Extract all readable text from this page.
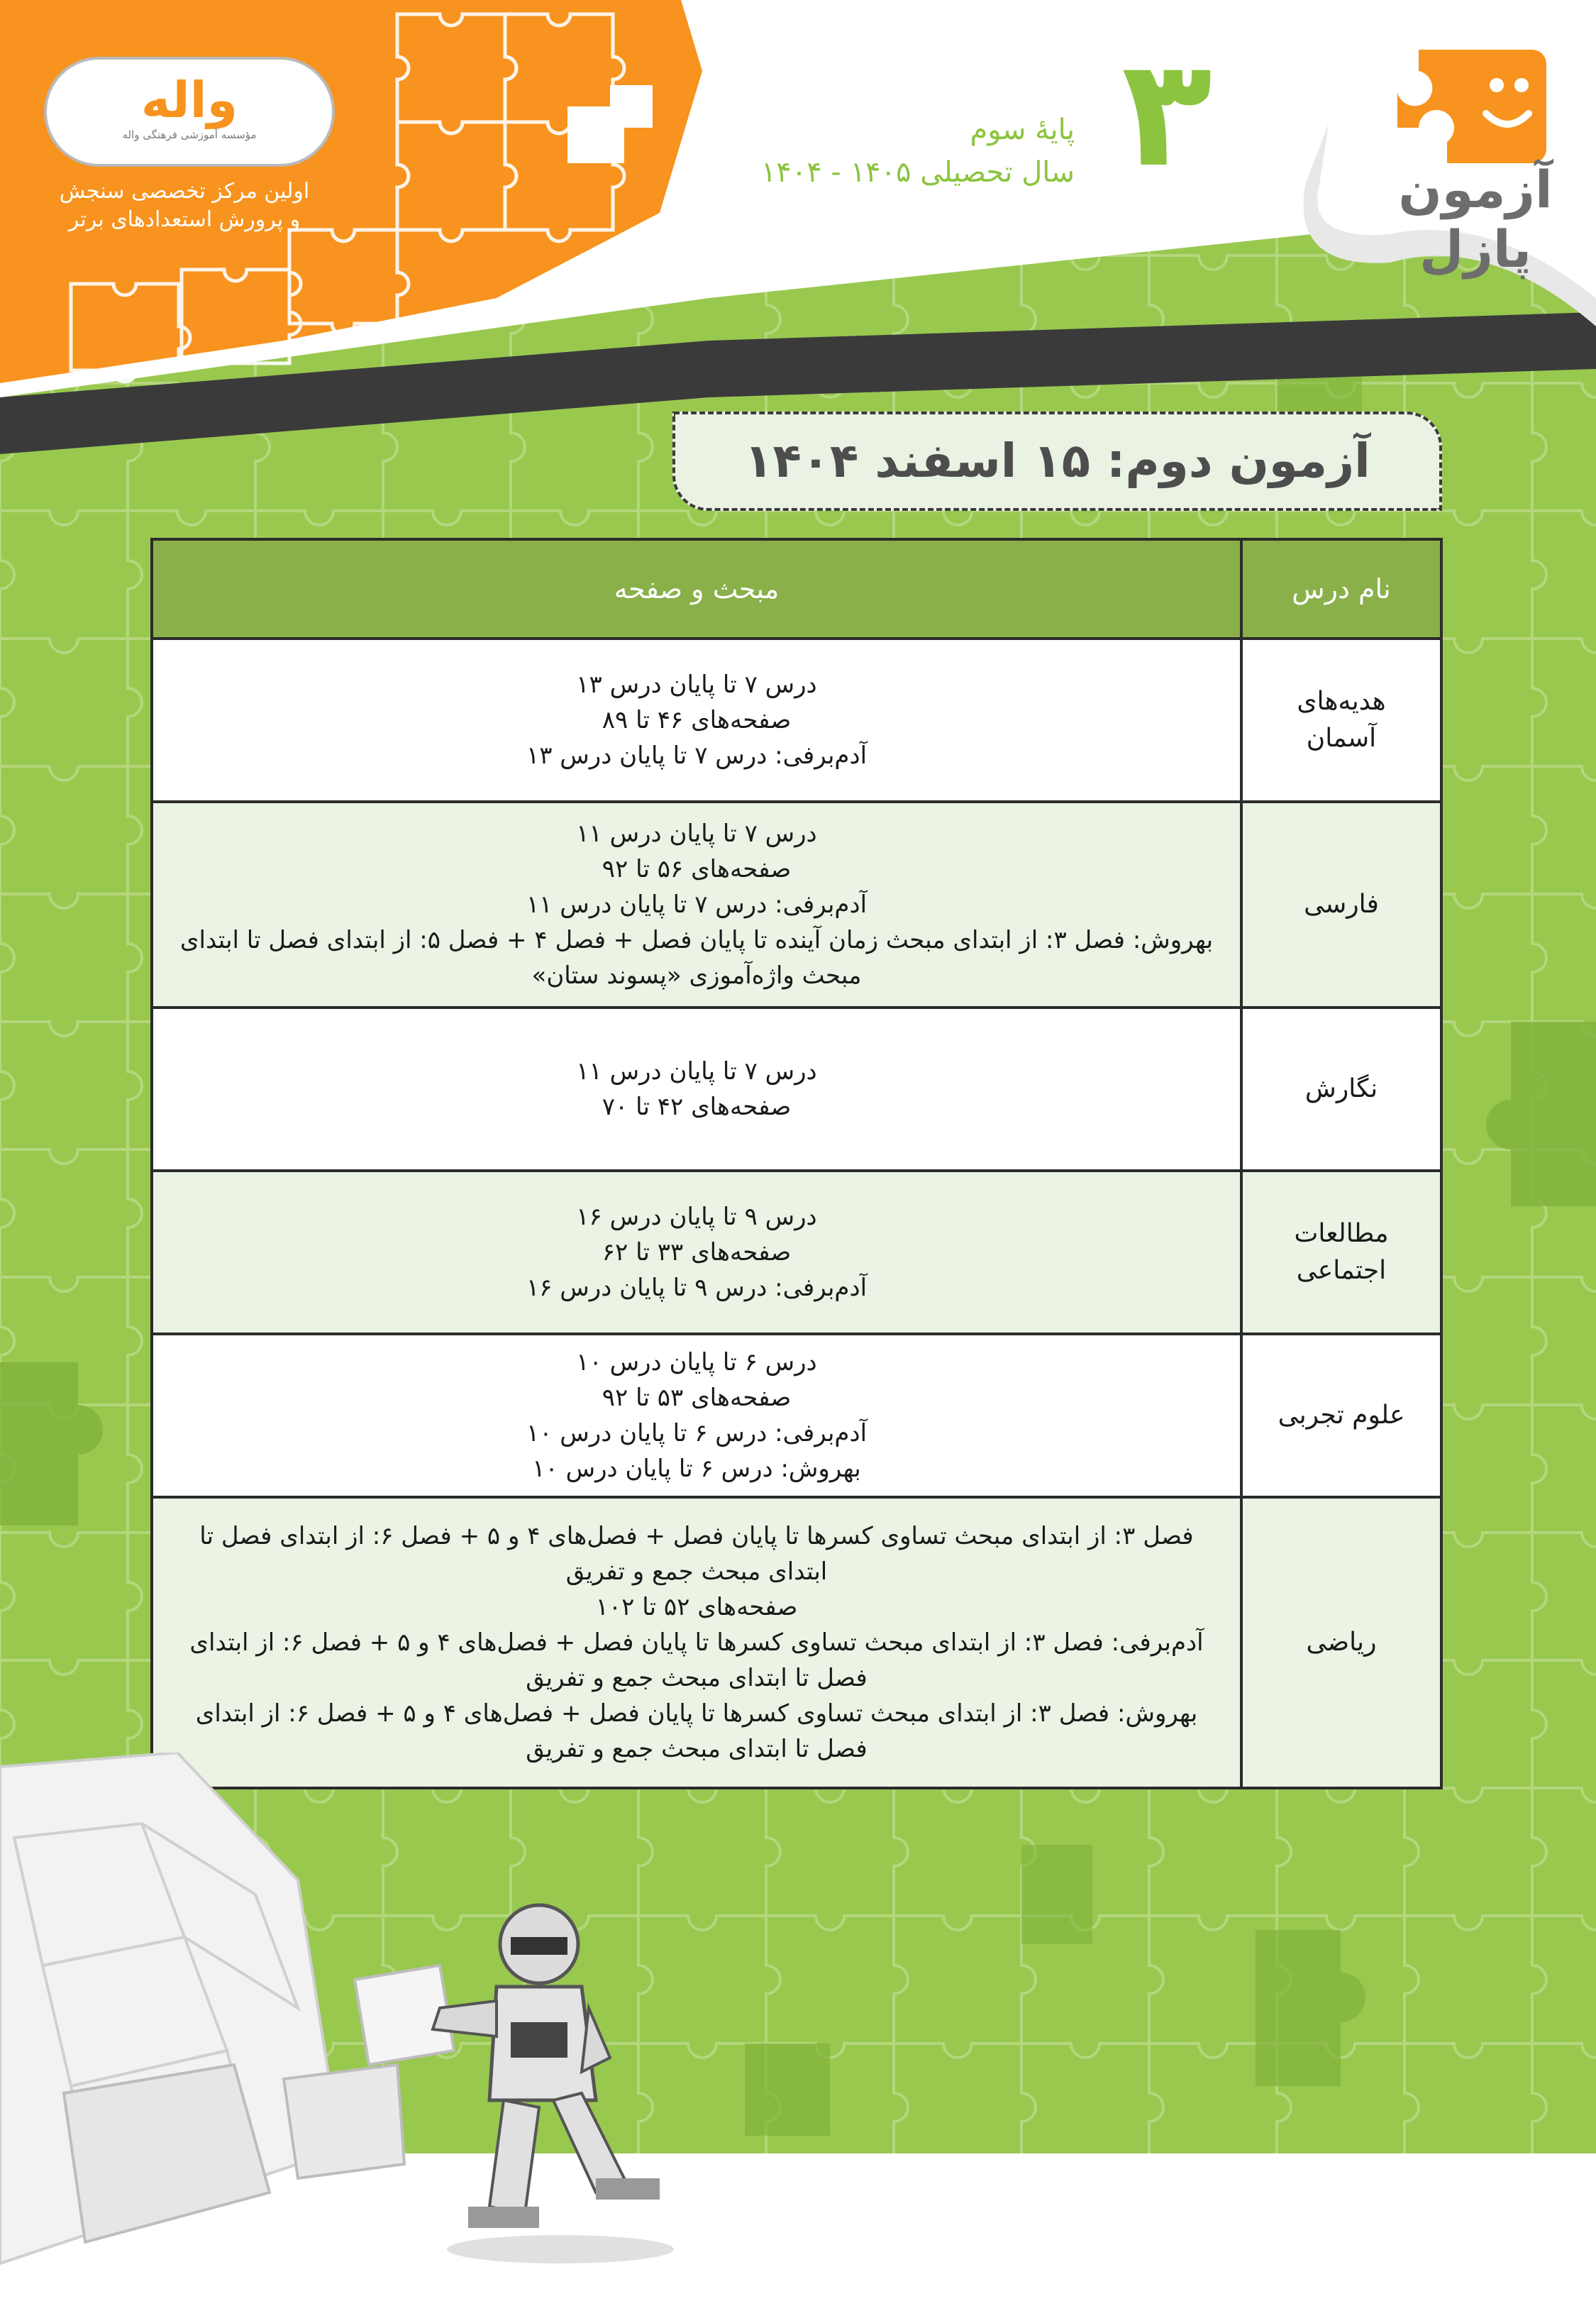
واله
مؤسسه آموزشی فرهنگی واله
اولین مرکز تخصصی سنجش
و پرورش استعدادهای برتر
۳
پایهٔ سوم
سال تحصیلی ۱۴۰۵ - ۱۴۰۴	آزمون پازل
آزمون دوم: ۱۵ اسفند ۱۴۰۴
نام درس	مبحث و صفحه

هدیه‌های
آسمان	درس ۷ تا پایان درس ۱۳
صفحه‌های ۴۶ تا ۸۹
آدم‌برفی: درس ۷ تا پایان درس ۱۳

فارسی	درس ۷ تا پایان درس ۱۱
صفحه‌های ۵۶ تا ۹۲
آدم‌برفی: درس ۷ تا پایان درس ۱۱
بهروش: فصل ۳: از ابتدای مبحث زمان آینده تا پایان فصل + فصل ۴ + فصل ۵: از ابتدای فصل تا ابتدای مبحث واژه‌آموزی «پسوند ستان»

نگارش	درس ۷ تا پایان درس ۱۱
صفحه‌های ۴۲ تا ۷۰

مطالعات
اجتماعی	درس ۹ تا پایان درس ۱۶
صفحه‌های ۳۳ تا ۶۲
آدم‌برفی: درس ۹ تا پایان درس ۱۶

علوم تجربی	درس ۶ تا پایان درس ۱۰
صفحه‌های ۵۳ تا ۹۲
آدم‌برفی: درس ۶ تا پایان درس ۱۰
بهروش: درس ۶ تا پایان درس ۱۰

ریاضی	فصل ۳: از ابتدای مبحث تساوی کسرها تا پایان فصل + فصل‌های ۴ و ۵ + فصل ۶: از ابتدای فصل تا ابتدای مبحث جمع و تفریق
صفحه‌های ۵۲ تا ۱۰۲
آدم‌برفی: فصل ۳: از ابتدای مبحث تساوی کسرها تا پایان فصل + فصل‌های ۴ و ۵ + فصل ۶: از ابتدای فصل تا ابتدای مبحث جمع و تفریق
بهروش: فصل ۳: از ابتدای مبحث تساوی کسرها تا پایان فصل + فصل‌های ۴ و ۵ + فصل ۶: از ابتدای فصل تا ابتدای مبحث جمع و تفریق
